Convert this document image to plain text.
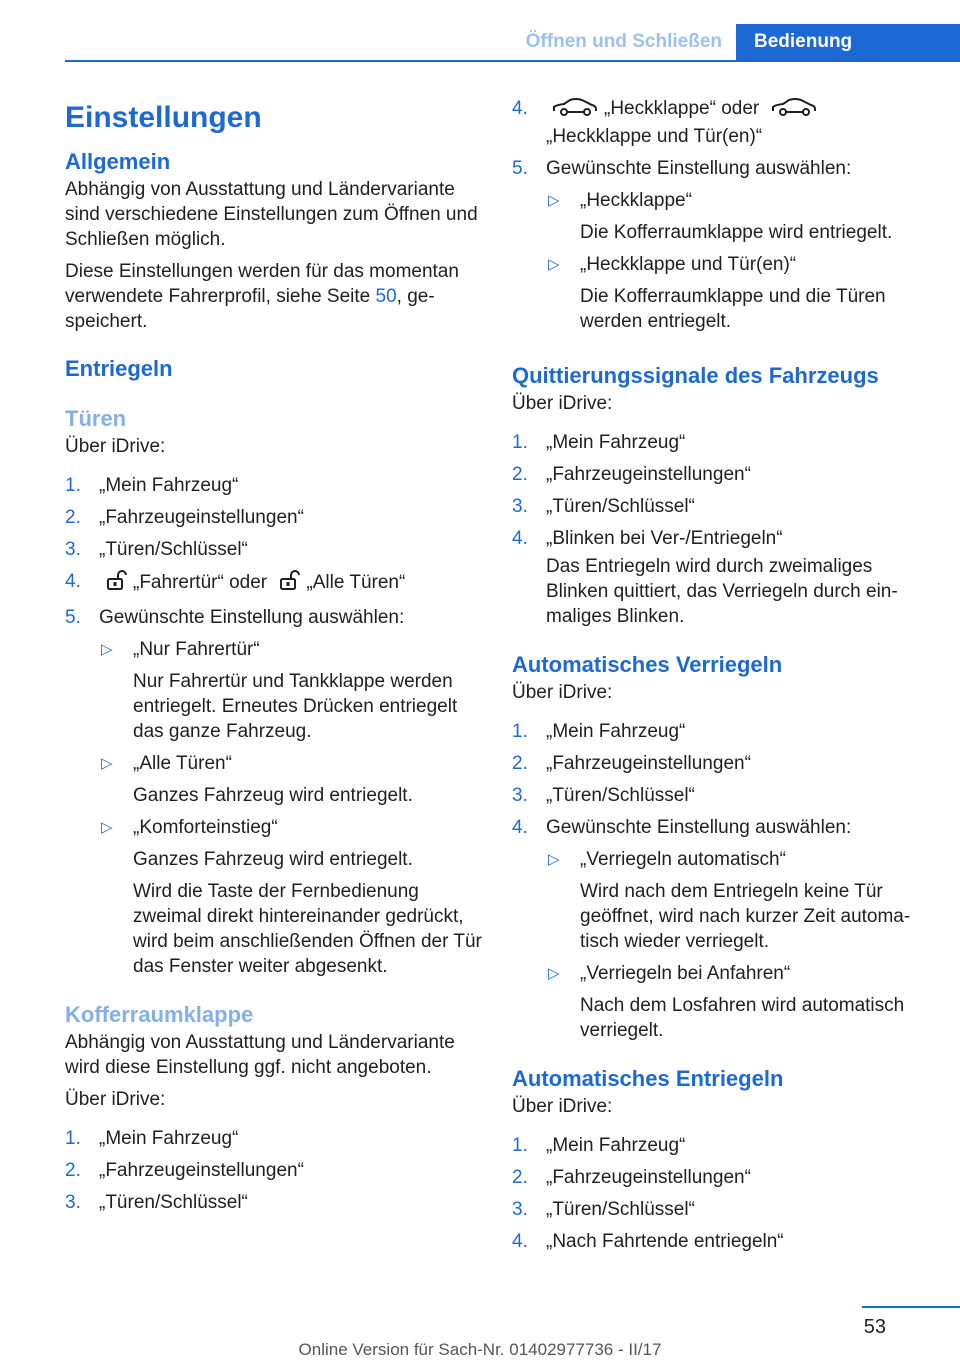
Öffnen und Schließen	Bedienung
Einstellungen
Allgemein

Abhängig von Ausstattung und Ländervariante sind verschiedene Einstellungen zum Öffnen und Schließen möglich.

Diese Einstellungen werden für das momentan verwendete Fahrerprofil, siehe Seite 50, gespeichert.

Entriegeln
Türen

Über iDrive:

1. „Mein Fahrzeug“
2. „Fahrzeugeinstellungen“
3. „Türen/Schlüssel“
4.	„Fahrertür“ oder „Alle Türen“
5. Gewünschte Einstellung auswählen:
▷ „Nur Fahrertür“
Nur Fahrertür und Tankklappe werden entriegelt. Erneutes Drücken entriegelt das ganze Fahrzeug.
▷ „Alle Türen“
Ganzes Fahrzeug wird entriegelt.
▷ „Komforteinstieg“
Ganzes Fahrzeug wird entriegelt.
Wird die Taste der Fernbedienung zweimal direkt hintereinander gedrückt, wird beim anschließenden Öffnen der Tür das Fenster weiter abgesenkt.
Kofferraumklappe

Abhängig von Ausstattung und Ländervariante wird diese Einstellung ggf. nicht angeboten.

Über iDrive:

1. „Mein Fahrzeug“
2. „Fahrzeugeinstellungen“
3. „Türen/Schlüssel“
4.	„Heckklappe“ oder
„Heckklappe und Tür(en)“
5. Gewünschte Einstellung auswählen:
▷ „Heckklappe“
Die Kofferraumklappe wird entriegelt.
▷ „Heckklappe und Tür(en)“
Die Kofferraumklappe und die Türen werden entriegelt.
Quittierungssignale des Fahrzeugs

Über iDrive:

1. „Mein Fahrzeug“
2. „Fahrzeugeinstellungen“
3. „Türen/Schlüssel“
4. „Blinken bei Ver-/Entriegeln“
Das Entriegeln wird durch zweimaliges Blinken quittiert, das Verriegeln durch einmaliges Blinken.
Automatisches Verriegeln

Über iDrive:

1. „Mein Fahrzeug“
2. „Fahrzeugeinstellungen“
3. „Türen/Schlüssel“
4. Gewünschte Einstellung auswählen:
▷ „Verriegeln automatisch“
Wird nach dem Entriegeln keine Tür geöffnet, wird nach kurzer Zeit automatisch wieder verriegelt.
▷ „Verriegeln bei Anfahren“
Nach dem Losfahren wird automatisch verriegelt.
Automatisches Entriegeln

Über iDrive:

1. „Mein Fahrzeug“
2. „Fahrzeugeinstellungen“
3. „Türen/Schlüssel“
4. „Nach Fahrtende entriegeln“
53
Online Version für Sach-Nr. 01402977736 - II/17
